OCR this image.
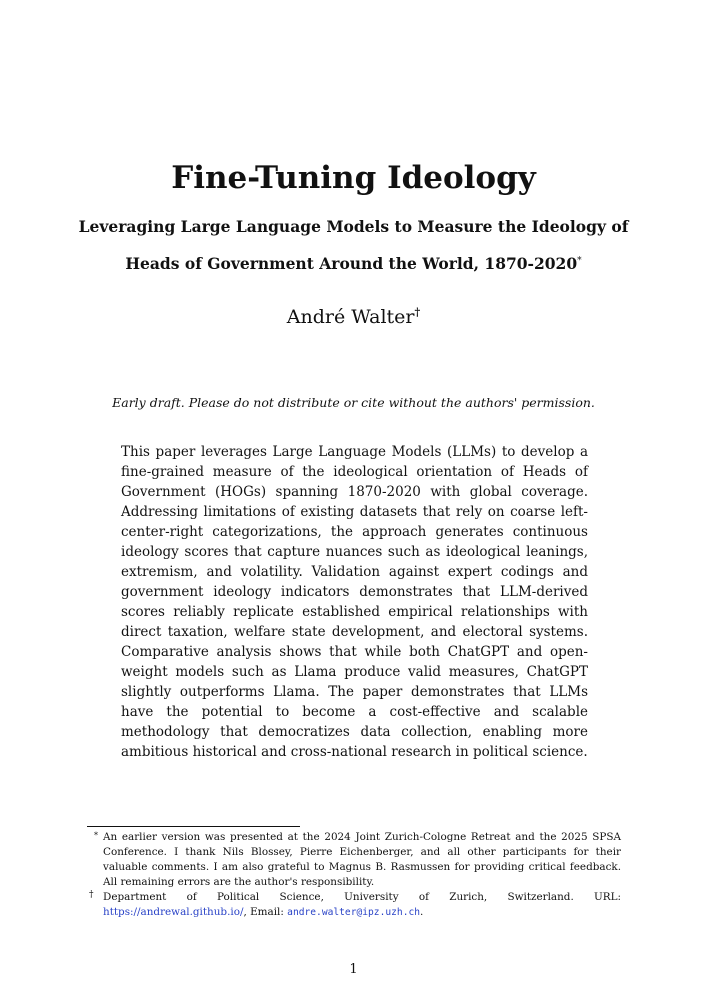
Fine-Tuning Ideology

Leveraging Large Language Models to Measure the Ideology of Heads of Government Around the World, 1870-2020*

André Walter†
Early draft. Please do not distribute or cite without the authors' permission.

This paper leverages Large Language Models (LLMs) to develop a fine-grained measure of the ideological orientation of Heads of Government (HOGs) spanning 1870-2020 with global coverage. Addressing limitations of existing datasets that rely on coarse left-center-right categorizations, the approach generates continuous ideology scores that capture nuances such as ideological leanings, extremism, and volatility. Validation against expert codings and government ideology indicators demonstrates that LLM-derived scores reliably replicate established empirical relationships with direct taxation, welfare state development, and electoral systems. Comparative analysis shows that while both ChatGPT and open-weight models such as Llama produce valid measures, ChatGPT slightly outperforms Llama. The paper demonstrates that LLMs have the potential to become a cost-effective and scalable methodology that democratizes data collection, enabling more ambitious historical and cross-national research in political science.

* An earlier version was presented at the 2024 Joint Zurich-Cologne Retreat and the 2025 SPSA Conference. I thank Nils Blossey, Pierre Eichenberger, and all other participants for their valuable comments. I am also grateful to Magnus B. Rasmussen for providing critical feedback. All remaining errors are the author's responsibility.
† Department of Political Science, University of Zurich, Switzerland. URL: https://andrewal.github.io/, Email: andre.walter@ipz.uzh.ch.
1
